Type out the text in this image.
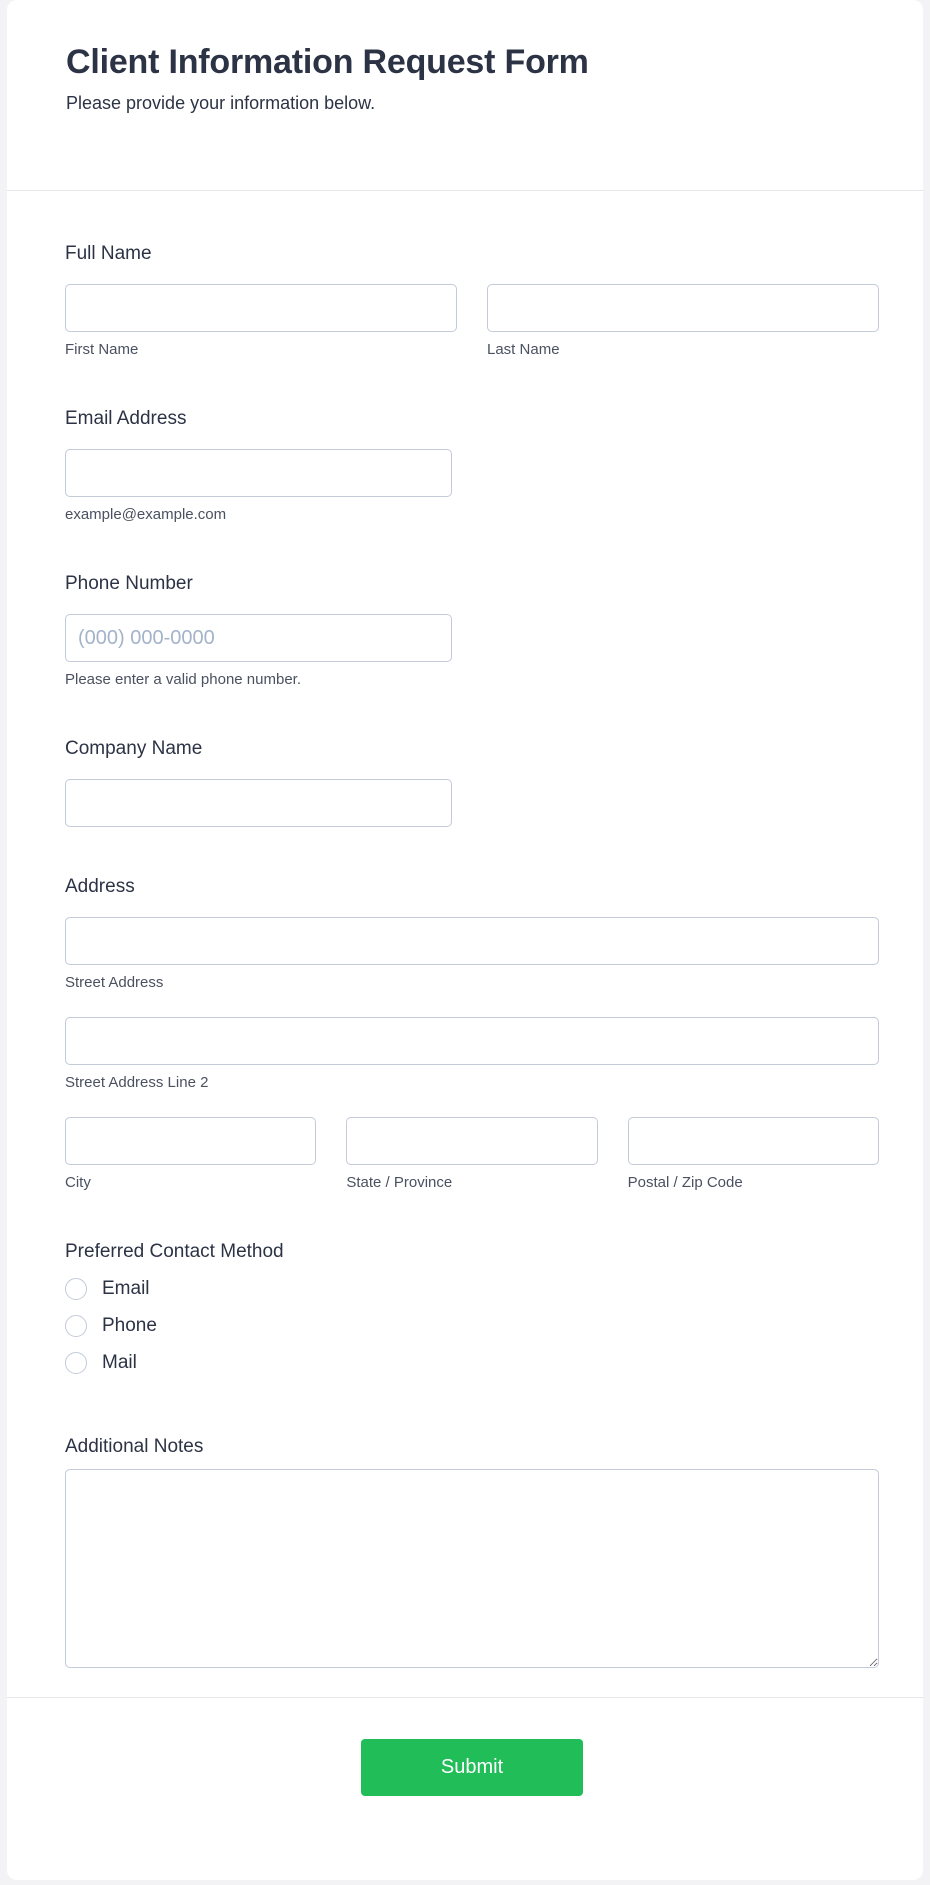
Client Information Request Form
Please provide your information below.
Full Name
First Name	Last Name
Email Address
example@example.com
Phone Number
(000) 000-0000
Please enter a valid phone number.
Company Name
Address
Street Address
Street Address Line 2
City	State / Province	Postal / Zip Code
Preferred Contact Method
Email
Phone
Mail
Additional Notes
Submit
